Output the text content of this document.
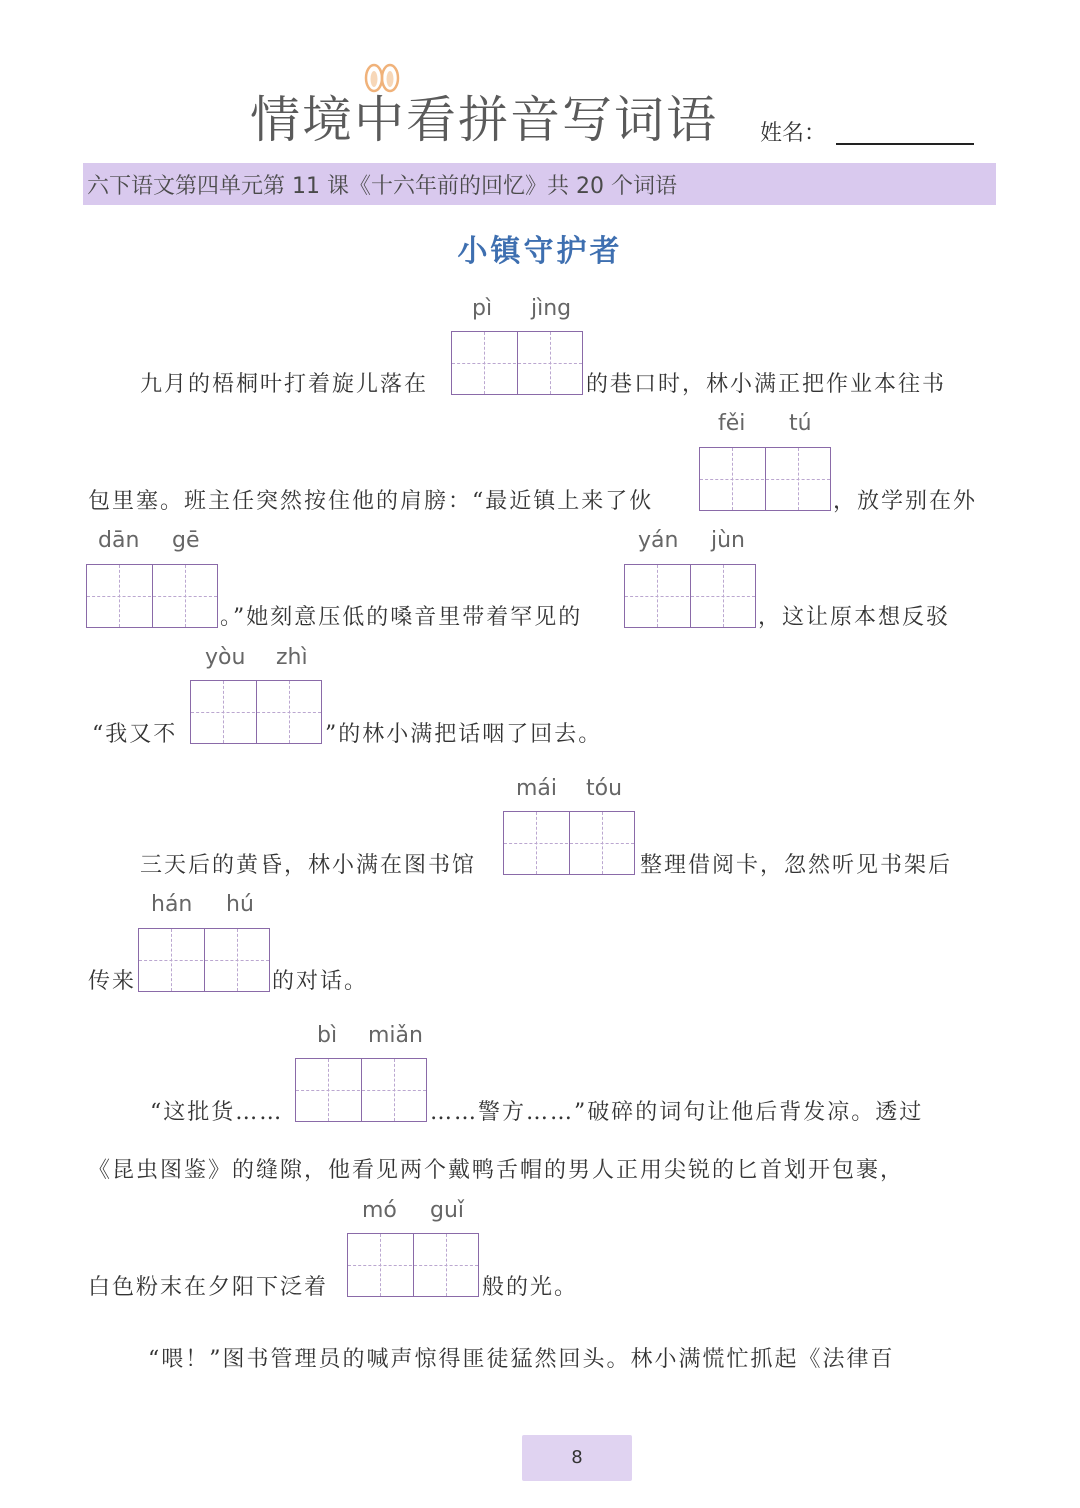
情境中看拼音写词语 姓名：
六下语文第四单元第 11 课《十六年前的回忆》共 20 个词语
小镇守护者
pì jìng
九月的梧桐叶打着旋儿落在	的巷口时，林小满正把作业本往书
fěi tú
包里塞。班主任突然按住他的肩膀：“最近镇上来了伙	，放学别在外
dān gē	yán jùn
。”她刻意压低的嗓音里带着罕见的	，这让原本想反驳
yòu zhì
“我又不	”的林小满把话咽了回去。
mái tóu
三天后的黄昏，林小满在图书馆	整理借阅卡，忽然听见书架后
hán hú
传来	的对话。
bì miǎn
“这批货……	……警方……”破碎的词句让他后背发凉。透过
《昆虫图鉴》的缝隙，他看见两个戴鸭舌帽的男人正用尖锐的匕首划开包裹，
mó guǐ
白色粉末在夕阳下泛着	般的光。
“喂！”图书管理员的喊声惊得匪徒猛然回头。林小满慌忙抓起《法律百
8
